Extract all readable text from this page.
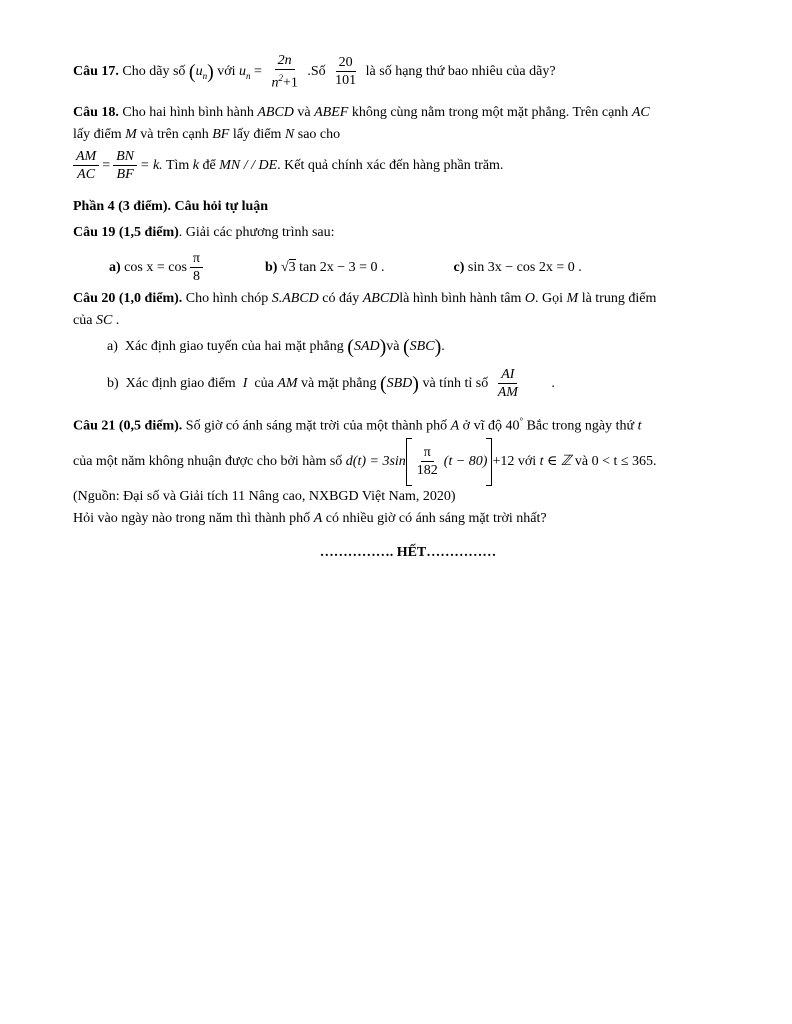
Câu 17. Cho dãy số $(u_n)$ với $u_n = \frac{2n}{n^2+1}$ .Số $\frac{20}{101}$ là số hạng thứ bao nhiêu của dãy?
Câu 18. Cho hai hình bình hành ABCD và ABEF không cùng nằm trong một mặt phẳng. Trên cạnh AC
lấy điểm M và trên cạnh BF lấy điểm N sao cho
$\frac{AM}{AC} = \frac{BN}{BF} = k$. Tìm k để MN / / DE. Kết quả chính xác đến hàng phần trăm.
Phần 4 (3 điểm). Câu hỏi tự luận
Câu 19 (1,5 điểm). Giải các phương trình sau:
a) $\cos x = \cos \frac{\pi}{8}$	b) √3 tan 2x − 3 = 0 .	c) sin 3x − cos 2x = 0 .
Câu 20 (1,0 điểm). Cho hình chóp S.ABCD có đáy ABCDlà hình bình hành tâm O. Gọi M là trung điểm
của SC .
a) Xác định giao tuyến của hai mặt phẳng (SAD)và (SBC).
b) Xác định giao điểm I của AM và mặt phẳng (SBD) và tính tỉ số $\frac{AI}{AM}$ .
Câu 21 (0,5 điểm). Số giờ có ánh sáng mặt trời của một thành phố A ở vĩ độ 40° Bắc trong ngày thứ t
của một năm không nhuận được cho bởi hàm số $d(t) = 3\sin \frac{\pi}{182} (t - 80) +12$ với t ∈ ℤ và 0 < t ≤ 365.
(Nguồn: Đại số và Giải tích 11 Nâng cao, NXBGD Việt Nam, 2020)
Hỏi vào ngày nào trong năm thì thành phố A có nhiều giờ có ánh sáng mặt trời nhất?
……………. HẾT……………
